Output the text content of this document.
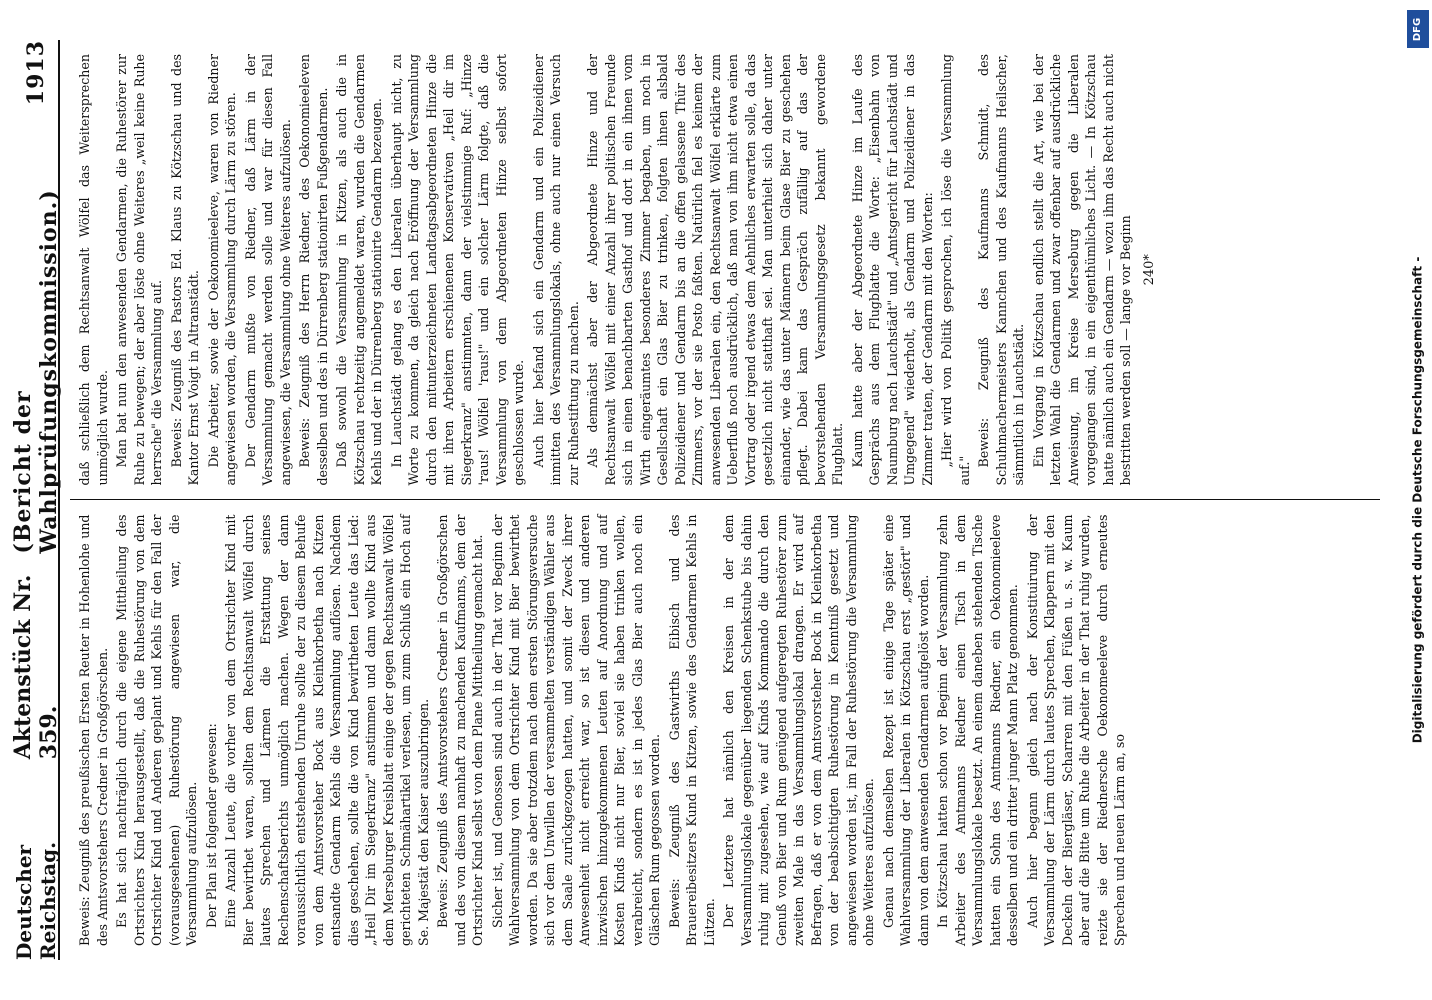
DFG
Digitalisierung gefördert durch die Deutsche Forschungsgemeinschaft -
Deutscher Reichstag.
Aktenstück Nr. 359.
(Bericht der Wahlprüfungskommission.)
1913

Beweis: Zeugniß des preußischen Ersten Reuter in Hohenlohe und des Amtsvorstehers Credner in Großgörschen. Es hat sich nachträglich durch die eigene Mittheilung des Ortsrichters Kind herausgestellt, daß die Ruhestörung von dem Ortsrichter Kind und Anderen geplant und Kehls für den Fall der (vorausgesehenen) Ruhestörung angewiesen war, die Versammlung aufzulösen. Der Plan ist folgender gewesen: Eine Anzahl Leute, die vorher von dem Ortsrichter Kind mit Bier bewirthet waren, sollten dem Rechtsanwalt Wölfel durch lautes Sprechen und Lärmen die Erstattung seines Rechenschaftsberichts unmöglich machen. Wegen der dann voraussichtlich entstehenden Unruhe sollte der zu diesem Behufe von dem Amtsvorsteher Bock aus Kleinkorbetha nach Kitzen entsandte Gendarm Kehls die Versammlung auflösen. Nachdem dies geschehen, sollte die von Kind bewirtheten Leute das Lied: „Heil Dir im Siegerkranz" anstimmen und dann wollte Kind aus dem Merseburger Kreisblatt einige der gegen Rechtsanwalt Wölfel gerichteten Schmähartikel verlesen, um zum Schluß ein Hoch auf Se. Majestät den Kaiser auszubringen. Beweis: Zeugniß des Amtsvorstehers Credner in Großgörschen und des von diesem namhaft zu machenden Kaufmanns, dem der Ortsrichter Kind selbst von dem Plane Mittheilung gemacht hat. Sicher ist, und Genossen sind auch in der That vor Beginn der Wahlversammlung von dem Ortsrichter Kind mit Bier bewirthet worden. Da sie aber trotzdem nach dem ersten Störungsversuche sich vor dem Unwillen der versammelten verständigen Wähler aus dem Saale zurückgezogen hatten, und somit der Zweck ihrer Anwesenheit nicht erreicht war, so ist diesen und anderen inzwischen hinzugekommenen Leuten auf Anordnung und auf Kosten Kinds nicht nur Bier, soviel sie haben trinken wollen, verabreicht, sondern es ist in jedes Glas Bier auch noch ein Gläschen Rum gegossen worden. Beweis: Zeugniß des Gastwirths Eibisch und des Brauereibesitzers Kund in Kitzen, sowie des Gendarmen Kehls in Lützen. Der Letztere hat nämlich den Kreisen in der dem Versammlungslokale gegenüber liegenden Schenkstube bis dahin ruhig mit zugesehen, wie auf Kinds Kommando die durch den Genuß von Bier und Rum genügend aufgeregten Ruhestörer zum zweiten Male in das Versammlungslokal drangen. Er wird auf Befragen, daß er von dem Amtsvorsteher Bock in Kleinkorbetha von der beabsichtigten Ruhestörung in Kenntniß gesetzt und angewiesen worden ist, im Fall der Ruhestörung die Versammlung ohne Weiteres aufzulösen. Genau nach demselben Rezept ist einige Tage später eine Wahlversammlung der Liberalen in Kötzschau erst „gestört" und dann von dem anwesenden Gendarmen aufgelöst worden. In Kötzschau hatten schon vor Beginn der Versammlung zehn Arbeiter des Amtmanns Riedner einen Tisch in dem Versammlungslokale besetzt. An einem daneben stehenden Tische hatten ein Sohn des Amtmanns Riedner, ein Oekonomieeleve desselben und ein dritter junger Mann Platz genommen. Auch hier begann gleich nach der Konstituirung der Versammlung der Lärm durch lautes Sprechen, Klappern mit den Deckeln der Biergläser, Scharren mit den Füßen u. s. w. Kaum aber auf die Bitte um Ruhe die Arbeiter in der That ruhig wurden, reizte sie der Riednersche Oekonomeeleve durch erneutes Sprechen und neuen Lärm an, so

daß schließlich dem Rechtsanwalt Wölfel das Weitersprechen unmöglich wurde. Man bat nun den anwesenden Gendarmen, die Ruhestörer zur Ruhe zu bewegen; der aber löste ohne Weiteres „weil keine Ruhe herrsche" die Versammlung auf. Beweis: Zeugniß des Pastors Ed. Klaus zu Kötzschau und des Kantor Ernst Voigt in Altranstädt. Die Arbeiter, sowie der Oekonomieeleve, waren von Riedner angewiesen worden, die Versammlung durch Lärm zu stören. Der Gendarm mußte von Riedner, daß Lärm in der Versammlung gemacht werden solle und war für diesen Fall angewiesen, die Versammlung ohne Weiteres aufzulösen. Beweis: Zeugniß des Herrn Riedner, des Oekonomieeleven desselben und des in Dürrenberg stationirten Fußgendarmen. Daß sowohl die Versammlung in Kitzen, als auch die in Kötzschau rechtzeitig angemeldet waren, wurden die Gendarmen Kehls und der in Dürrenberg stationirte Gendarm bezeugen. In Lauchstädt gelang es den Liberalen überhaupt nicht, zu Worte zu kommen, da gleich nach Eröffnung der Versammlung durch den mitunterzeichneten Landtagsabgeordneten Hinze die mit ihren Arbeitern erschienenen Konservativen „Heil dir im Siegerkranz" anstimmten, dann der vielstimmige Ruf: „Hinze 'raus! Wölfel 'raus!" und ein solcher Lärm folgte, daß die Versammlung von dem Abgeordneten Hinze selbst sofort geschlossen wurde. Auch hier befand sich ein Gendarm und ein Polizeidiener inmitten des Versammlungslokals, ohne auch nur einen Versuch zur Ruhestiftung zu machen. Als demnächst aber der Abgeordnete Hinze und der Rechtsanwalt Wölfel mit einer Anzahl ihrer politischen Freunde sich in einen benachbarten Gasthof und dort in ein ihnen vom Wirth eingeräumtes besonderes Zimmer begaben, um noch in Gesellschaft ein Glas Bier zu trinken, folgten ihnen alsbald Polizeidiener und Gendarm bis an die offen gelassene Thür des Zimmers, vor der sie Posto faßten. Natürlich fiel es keinem der anwesenden Liberalen ein, den Rechtsanwalt Wölfel erklärte zum Ueberfluß noch ausdrücklich, daß man von ihm nicht etwa einen Vortrag oder irgend etwas dem Aehnliches erwarten solle, da das gesetzlich nicht statthaft sei. Man unterhielt sich daher unter einander, wie das unter Männern beim Glase Bier zu geschehen pflegt. Dabei kam das Gespräch zufällig auf das der bevorstehenden Versammlungsgesetz bekannt gewordene Flugblatt. Kaum hatte aber der Abgeordnete Hinze im Laufe des Gesprächs aus dem Flugblatte die Worte: „Eisenbahn von Naumburg nach Lauchstädt" und „Amtsgericht für Lauchstädt und Umgegend" wiederholt, als Gendarm und Polizeidiener in das Zimmer traten, der Gendarm mit den Worten: „Hier wird von Politik gesprochen, ich löse die Versammlung auf."

Beweis: Zeugniß des Kaufmanns Schmidt, des Schuhmachermeisters Kannchen und des Kaufmanns Heilscher, sämmtlich in Lauchstädt. Ein Vorgang in Kötzschau endlich stellt die Art, wie bei der letzten Wahl die Gendarmen und zwar offenbar auf ausdrückliche Anweisung, im Kreise Merseburg gegen die Liberalen vorgegangen sind, in ein eigenthümliches Licht. — In Kötzschau hatte nämlich auch ein Gendarm — wozu ihm das Recht auch nicht bestritten werden soll — lange vor Beginn 240*
